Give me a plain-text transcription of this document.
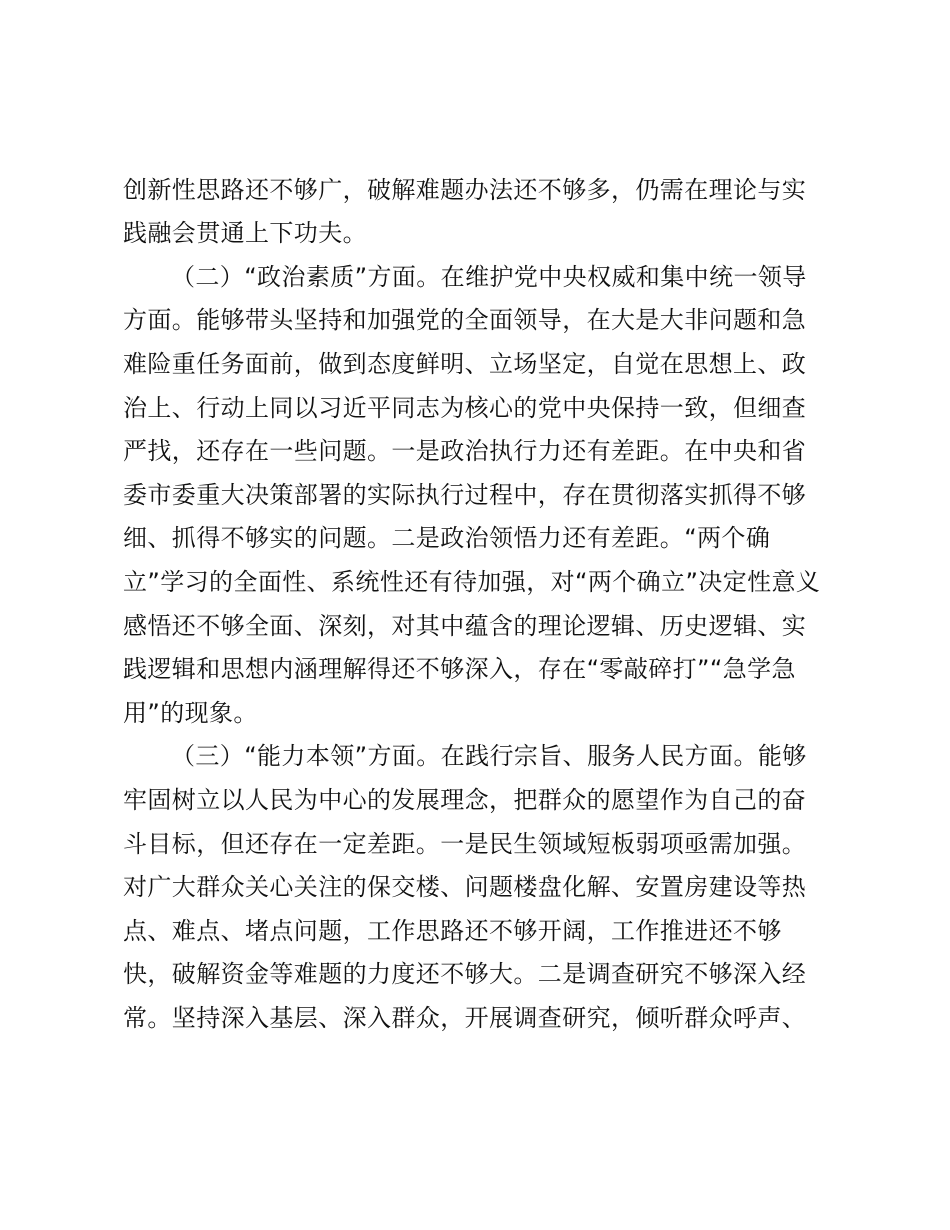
创新性思路还不够广，破解难题办法还不够多，仍需在理论与实
践融会贯通上下功夫。
（二）“政治素质”方面。在维护党中央权威和集中统一领导
方面。能够带头坚持和加强党的全面领导，在大是大非问题和急
难险重任务面前，做到态度鲜明、立场坚定，自觉在思想上、政
治上、行动上同以习近平同志为核心的党中央保持一致，但细查
严找，还存在一些问题。一是政治执行力还有差距。在中央和省
委市委重大决策部署的实际执行过程中，存在贯彻落实抓得不够
细、抓得不够实的问题。二是政治领悟力还有差距。“两个确
立”学习的全面性、系统性还有待加强，对“两个确立”决定性意义
感悟还不够全面、深刻，对其中蕴含的理论逻辑、历史逻辑、实
践逻辑和思想内涵理解得还不够深入，存在“零敲碎打”“急学急
用”的现象。
（三）“能力本领”方面。在践行宗旨、服务人民方面。能够
牢固树立以人民为中心的发展理念，把群众的愿望作为自己的奋
斗目标，但还存在一定差距。一是民生领域短板弱项亟需加强。
对广大群众关心关注的保交楼、问题楼盘化解、安置房建设等热
点、难点、堵点问题，工作思路还不够开阔，工作推进还不够
快，破解资金等难题的力度还不够大。二是调查研究不够深入经
常。坚持深入基层、深入群众，开展调查研究，倾听群众呼声、
